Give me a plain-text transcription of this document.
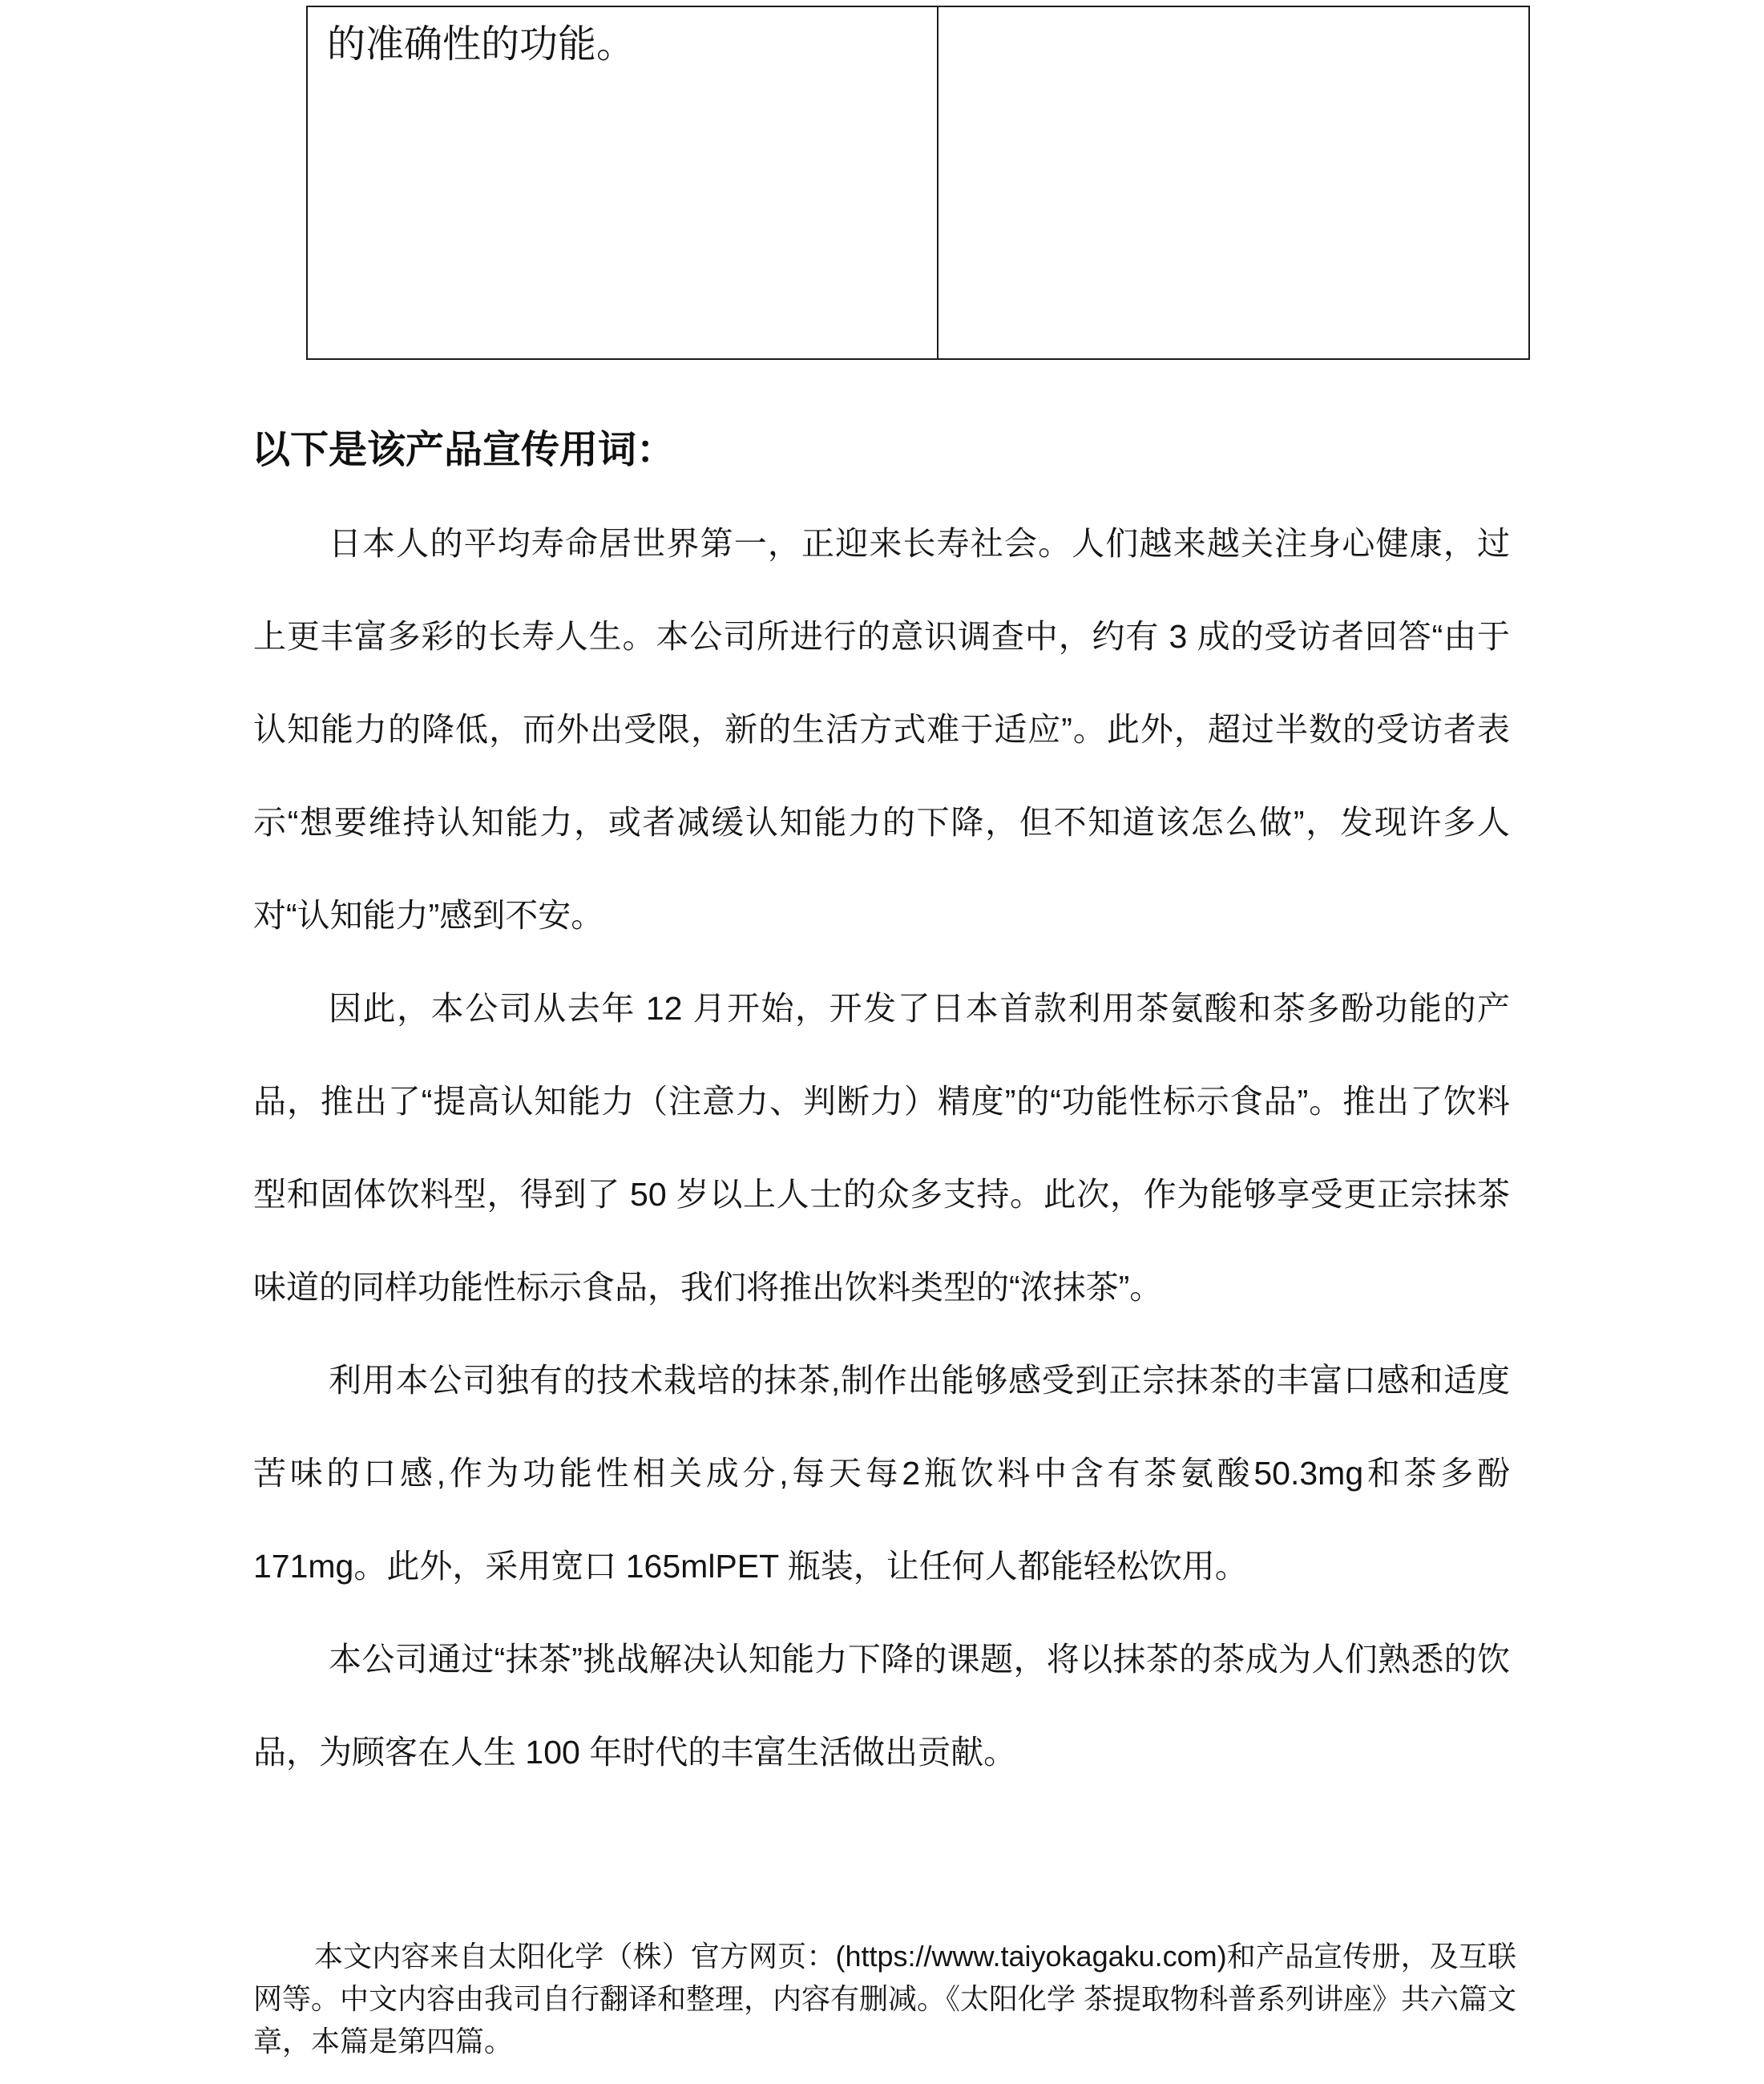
的准确性的功能。

以下是该产品宣传用词：

日本人的平均寿命居世界第一，正迎来长寿社会。人们越来越关注身心健康，过上更丰富多彩的长寿人生。本公司所进行的意识调查中，约有 3 成的受访者回答“由于认知能力的降低，而外出受限，新的生活方式难于适应”。此外，超过半数的受访者表示“想要维持认知能力，或者减缓认知能力的下降，但不知道该怎么做”，发现许多人对“认知能力”感到不安。

因此，本公司从去年 12 月开始，开发了日本首款利用茶氨酸和茶多酚功能的产品，推出了“提高认知能力（注意力、判断力）精度”的“功能性标示食品”。推出了饮料型和固体饮料型，得到了 50 岁以上人士的众多支持。此次，作为能够享受更正宗抹茶味道的同样功能性标示食品，我们将推出饮料类型的“浓抹茶”。

利用本公司独有的技术栽培的抹茶,制作出能够感受到正宗抹茶的丰富口感和适度苦味的口感,作为功能性相关成分,每天每2瓶饮料中含有茶氨酸50.3mg和茶多酚171mg。此外，采用宽口 165mlPET 瓶装，让任何人都能轻松饮用。

本公司通过“抹茶”挑战解决认知能力下降的课题，将以抹茶的茶成为人们熟悉的饮品，为顾客在人生 100 年时代的丰富生活做出贡献。

本文内容来自太阳化学（株）官方网页：(https://www.taiyokagaku.com)和产品宣传册，及互联网等。中文内容由我司自行翻译和整理，内容有删减。《太阳化学 茶提取物科普系列讲座》共六篇文章，本篇是第四篇。
